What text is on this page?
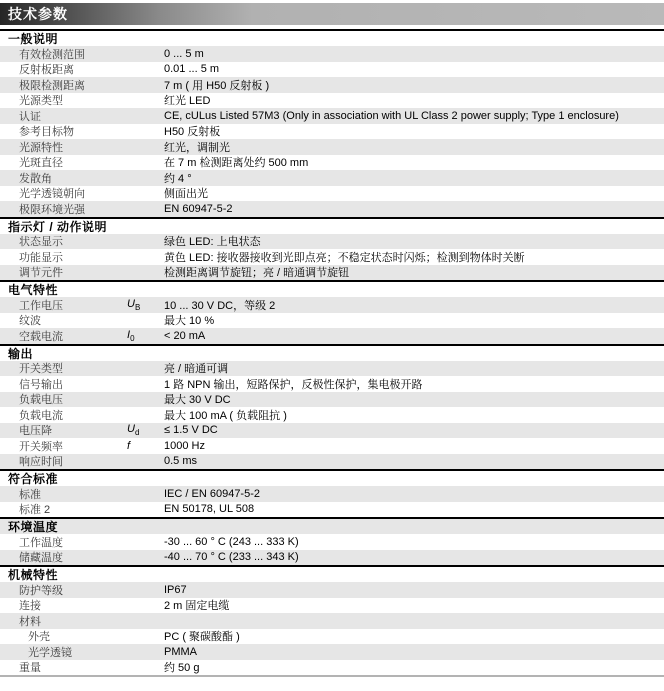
技术参数
一般说明
有效检测范围	0 ... 5 m
反射板距离	0.01 ... 5 m
极限检测距离	7 m ( 用 H50 反射板 )
光源类型	红光 LED
认证	CE, cULus Listed 57M3 (Only in association with UL Class 2 power supply; Type 1 enclosure)
参考目标物	H50 反射板
光源特性	红光，调制光
光斑直径	在 7 m 检测距离处约 500 mm
发散角	约 4 °
光学透镜朝向	侧面出光
极限环境光强	EN 60947-5-2
指示灯 / 动作说明
状态显示	绿色 LED: 上电状态
功能显示	黄色 LED: 接收器接收到光即点亮；不稳定状态时闪烁；检测到物体时关断
调节元件	检测距离调节旋钮；亮 / 暗通调节旋钮
电气特性
工作电压	$U_B$	10 ... 30 V DC，等级 2
纹波	最大 10 %
空载电流	$I_0$	< 20 mA
输出
开关类型	亮 / 暗通可调
信号输出	1 路 NPN 输出，短路保护，反极性保护，集电极开路
负载电压	最大 30 V DC
负载电流	最大 100 mA ( 负载阻抗 )
电压降	$U_d$	≤ 1.5 V DC
开关频率	f	1000 Hz
响应时间	0.5 ms
符合标准
标准	IEC / EN 60947-5-2
标准 2	EN 50178, UL 508
环境温度
工作温度	-30 ... 60 ° C (243 ... 333 K)
储藏温度	-40 ... 70 ° C (233 ... 343 K)
机械特性
防护等级	IP67
连接	2 m 固定电缆
材料
外壳	PC ( 聚碳酸酯 )
光学透镜	PMMA
重量	约 50 g
